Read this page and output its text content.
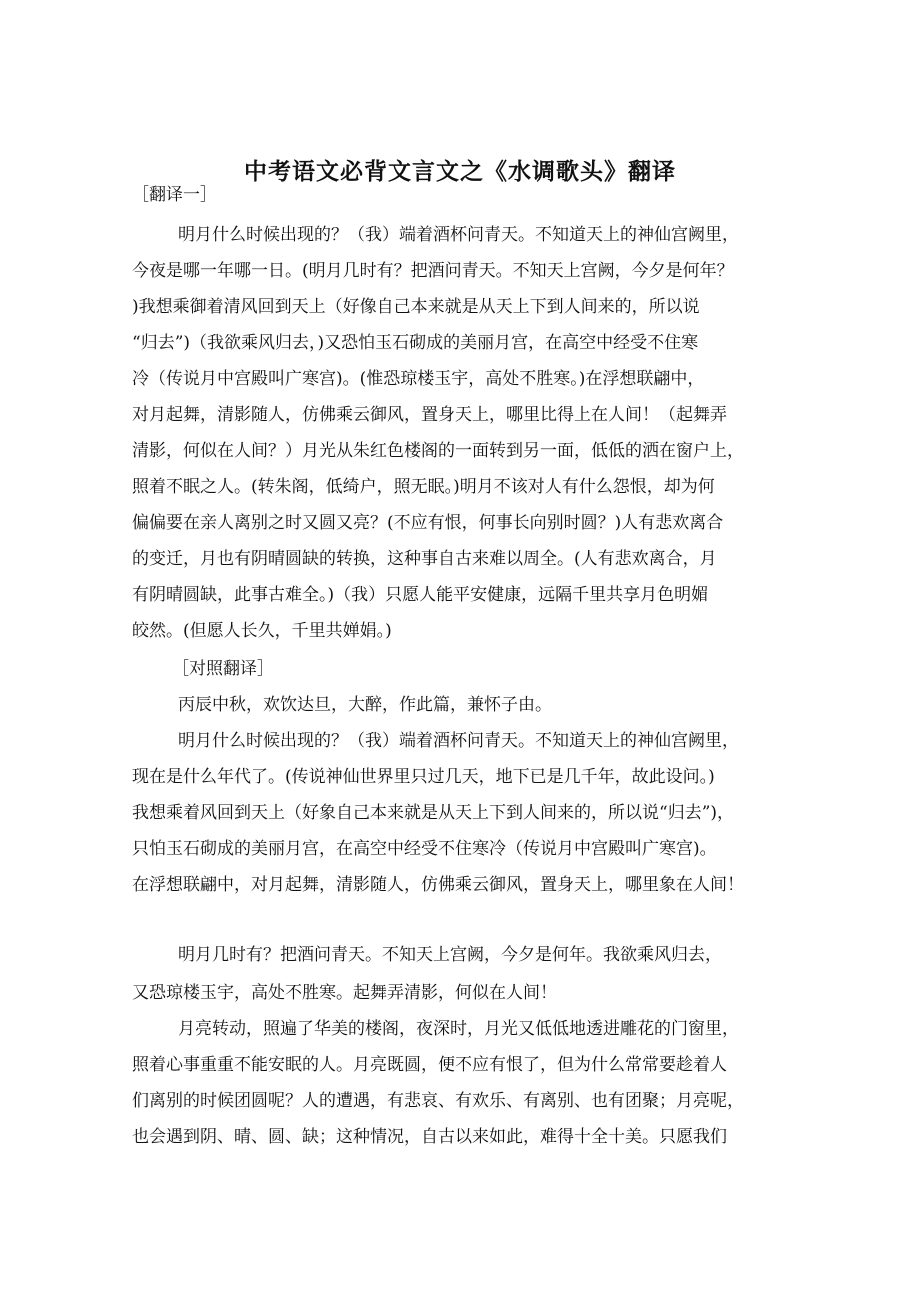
中考语文必背文言文之《水调歌头》翻译

［翻译一］

明月什么时候出现的？（我）端着酒杯问青天。不知道天上的神仙宫阙里，

今夜是哪一年哪一日。(明月几时有？把酒问青天。不知天上宫阙，今夕是何年？

)我想乘御着清风回到天上（好像自己本来就是从天上下到人间来的，所以说

“归去”)（我欲乘风归去，)又恐怕玉石砌成的美丽月宫，在高空中经受不住寒

冷（传说月中宫殿叫广寒宫)。(惟恐琼楼玉宇，高处不胜寒。)在浮想联翩中，

对月起舞，清影随人，仿佛乘云御风，置身天上，哪里比得上在人间！（起舞弄

清影，何似在人间？）月光从朱红色楼阁的一面转到另一面，低低的洒在窗户上，

照着不眠之人。(转朱阁，低绮户，照无眠。)明月不该对人有什么怨恨，却为何

偏偏要在亲人离别之时又圆又亮？(不应有恨，何事长向别时圆？)人有悲欢离合

的变迁，月也有阴晴圆缺的转换，这种事自古来难以周全。(人有悲欢离合，月

有阴晴圆缺，此事古难全。)（我）只愿人能平安健康，远隔千里共享月色明媚

皎然。(但愿人长久，千里共婵娟。)

［对照翻译］

丙辰中秋，欢饮达旦，大醉，作此篇，兼怀子由。

明月什么时候出现的？（我）端着酒杯问青天。不知道天上的神仙宫阙里，

现在是什么年代了。(传说神仙世界里只过几天，地下已是几千年，故此设问。)

我想乘着风回到天上（好象自己本来就是从天上下到人间来的，所以说“归去”)，

只怕玉石砌成的美丽月宫，在高空中经受不住寒冷（传说月中宫殿叫广寒宫)。

在浮想联翩中，对月起舞，清影随人，仿佛乘云御风，置身天上，哪里象在人间！

明月几时有？把酒问青天。不知天上宫阙，今夕是何年。我欲乘风归去，

又恐琼楼玉宇，高处不胜寒。起舞弄清影，何似在人间！

月亮转动，照遍了华美的楼阁，夜深时，月光又低低地透进雕花的门窗里，

照着心事重重不能安眠的人。月亮既圆，便不应有恨了，但为什么常常要趁着人

们离别的时候团圆呢？人的遭遇，有悲哀、有欢乐、有离别、也有团聚；月亮呢，

也会遇到阴、晴、圆、缺；这种情况，自古以来如此，难得十全十美。只愿我们
